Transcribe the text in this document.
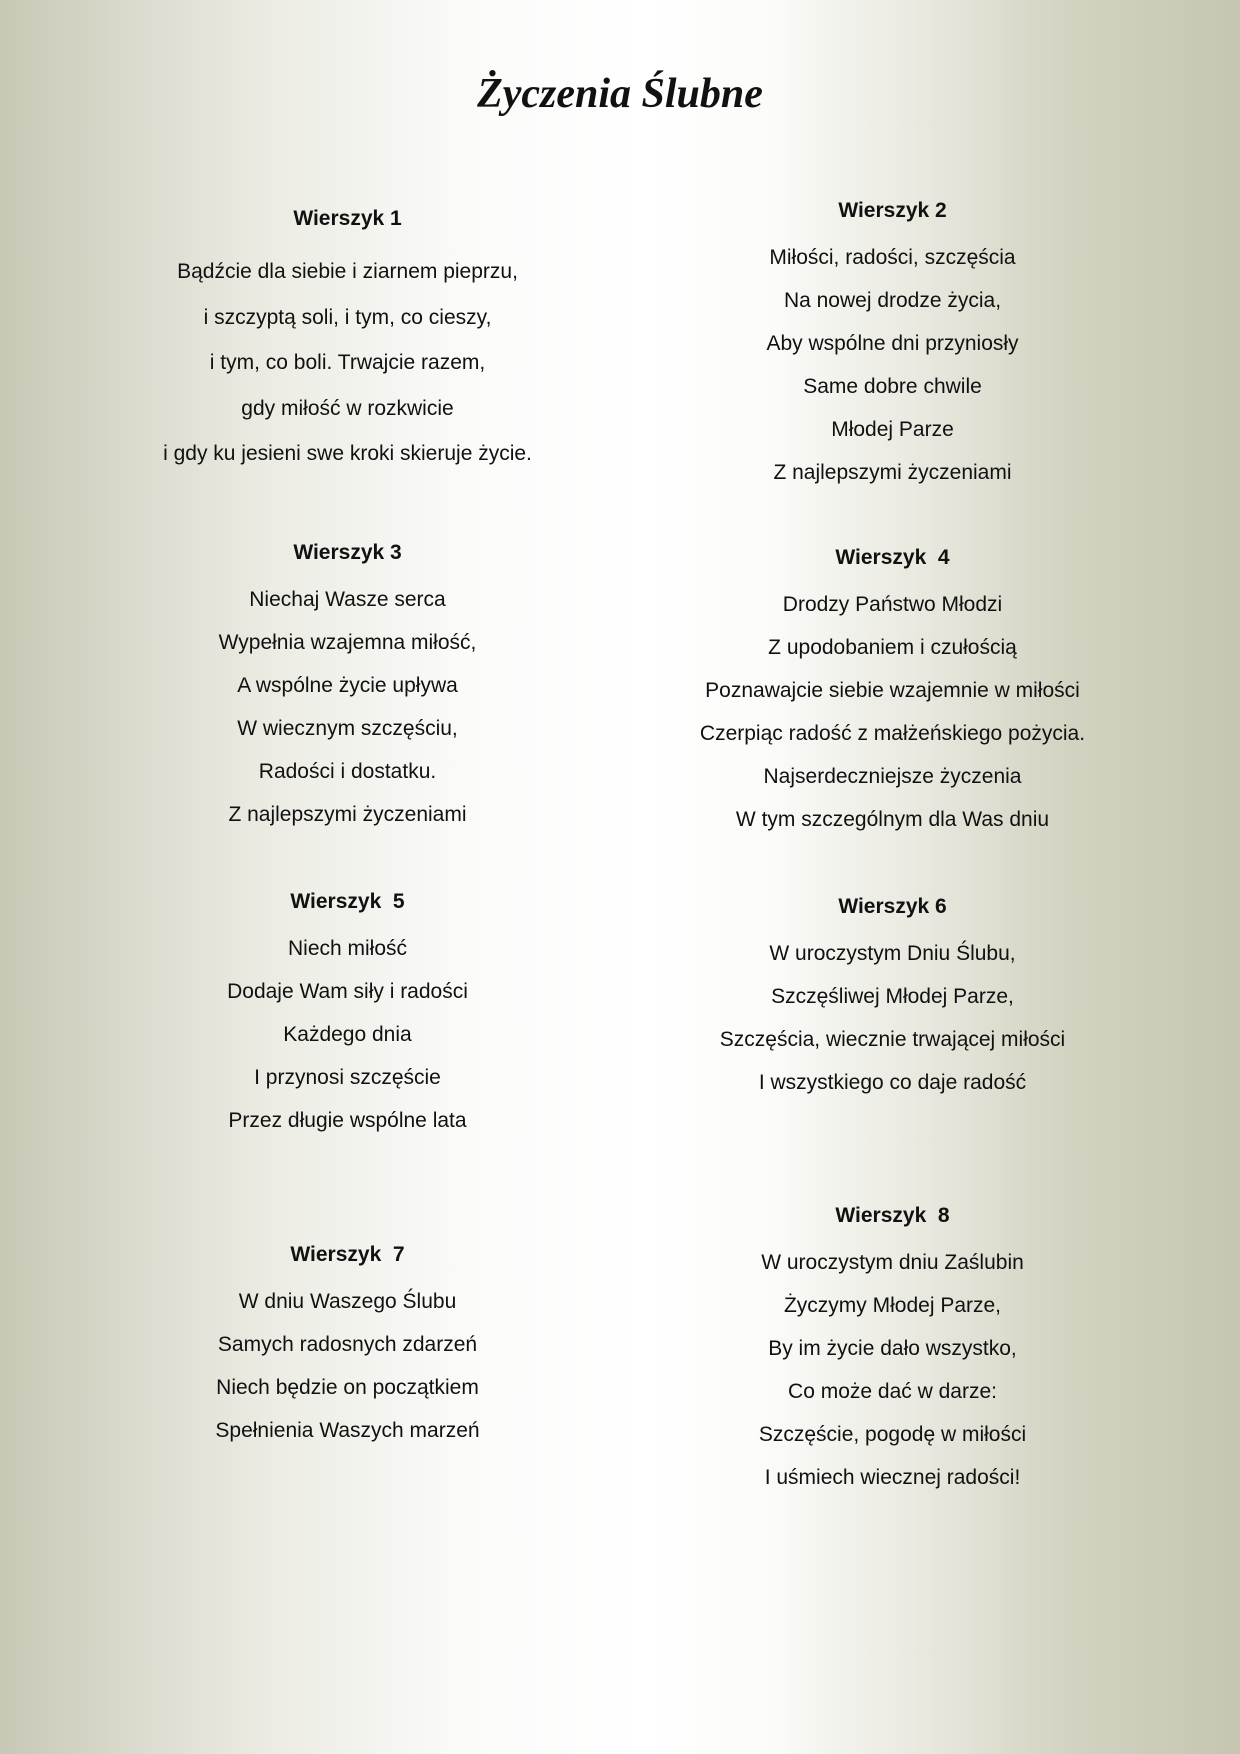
Życzenia Ślubne
Wierszyk 1
Bądźcie dla siebie i ziarnem pieprzu,
i szczyptą soli, i tym, co cieszy,
i tym, co boli. Trwajcie razem,
gdy miłość w rozkwicie
i gdy ku jesieni swe kroki skieruje życie.
Wierszyk 2
Miłości, radości, szczęścia
Na nowej drodze życia,
Aby wspólne dni przyniosły
Same dobre chwile
Młodej Parze
Z najlepszymi życzeniami
Wierszyk 3
Niechaj Wasze serca
Wypełnia wzajemna miłość,
A wspólne życie upływa
W wiecznym szczęściu,
Radości i dostatku.
Z najlepszymi życzeniami
Wierszyk  4
Drodzy Państwo Młodzi
Z upodobaniem i czułością
Poznawajcie siebie wzajemnie w miłości
Czerpiąc radość z małżeńskiego pożycia.
Najserdeczniejsze życzenia
W tym szczególnym dla Was dniu
Wierszyk  5
Niech miłość
Dodaje Wam siły i radości
Każdego dnia
I przynosi szczęście
Przez długie wspólne lata
Wierszyk 6
W uroczystym Dniu Ślubu,
Szczęśliwej Młodej Parze,
Szczęścia, wiecznie trwającej miłości
I wszystkiego co daje radość
Wierszyk  7
W dniu Waszego Ślubu
Samych radosnych zdarzeń
Niech będzie on początkiem
Spełnienia Waszych marzeń
Wierszyk  8
W uroczystym dniu Zaślubin
Życzymy Młodej Parze,
By im życie dało wszystko,
Co może dać w darze:
Szczęście, pogodę w miłości
I uśmiech wiecznej radości!
